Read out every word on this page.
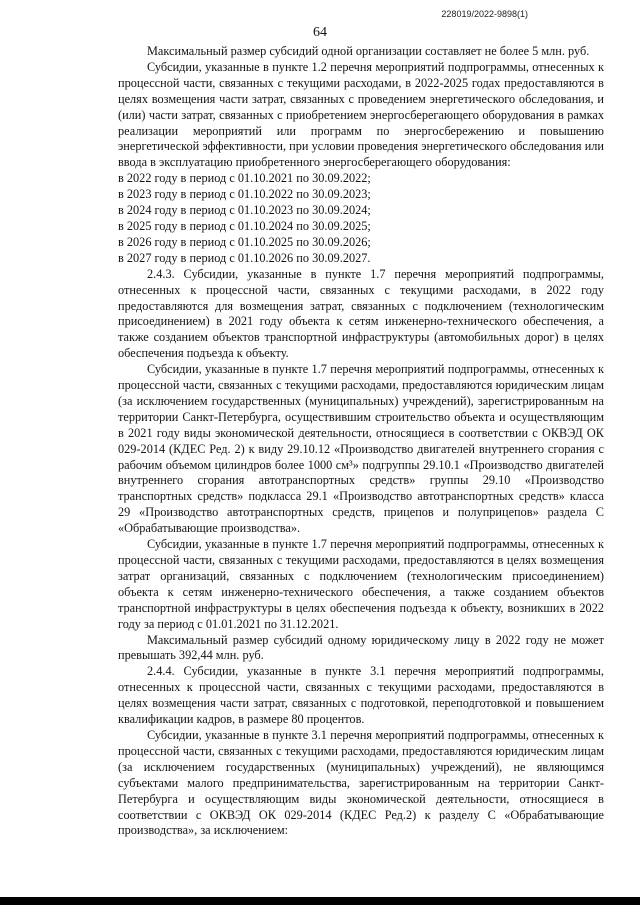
228019/2022-9898(1)
64

Максимальный размер субсидий одной организации составляет не более 5 млн. руб.

Субсидии, указанные в пункте 1.2 перечня мероприятий подпрограммы, отнесенных к процессной части, связанных с текущими расходами, в 2022-2025 годах предоставляются в целях возмещения части затрат, связанных с проведением энергетического обследования, и (или) части затрат, связанных с приобретением энергосберегающего оборудования в рамках реализации мероприятий или программ по энергосбережению и повышению энергетической эффективности, при условии проведения энергетического обследования или ввода в эксплуатацию приобретенного энергосберегающего оборудования:

в 2022 году в период с 01.10.2021 по 30.09.2022;

в 2023 году в период с 01.10.2022 по 30.09.2023;

в 2024 году в период с 01.10.2023 по 30.09.2024;

в 2025 году в период с 01.10.2024 по 30.09.2025;

в 2026 году в период с 01.10.2025 по 30.09.2026;

в 2027 году в период с 01.10.2026 по 30.09.2027.

2.4.3. Субсидии, указанные в пункте 1.7 перечня мероприятий подпрограммы, отнесенных к процессной части, связанных с текущими расходами, в 2022 году предоставляются для возмещения затрат, связанных с подключением (технологическим присоединением) в 2021 году объекта к сетям инженерно-технического обеспечения, а также созданием объектов транспортной инфраструктуры (автомобильных дорог) в целях обеспечения подъезда к объекту.

Субсидии, указанные в пункте 1.7 перечня мероприятий подпрограммы, отнесенных к процессной части, связанных с текущими расходами, предоставляются юридическим лицам (за исключением государственных (муниципальных) учреждений), зарегистрированным на территории Санкт-Петербурга, осуществившим строительство объекта и осуществляющим в 2021 году виды экономической деятельности, относящиеся в соответствии с ОКВЭД ОК 029-2014 (КДЕС Ред. 2) к виду 29.10.12 «Производство двигателей внутреннего сгорания с рабочим объемом цилиндров более 1000 см³» подгруппы 29.10.1 «Производство двигателей внутреннего сгорания автотранспортных средств» группы 29.10 «Производство транспортных средств» подкласса 29.1 «Производство автотранспортных средств» класса 29 «Производство автотранспортных средств, прицепов и полуприцепов» раздела С «Обрабатывающие производства».

Субсидии, указанные в пункте 1.7 перечня мероприятий подпрограммы, отнесенных к процессной части, связанных с текущими расходами, предоставляются в целях возмещения затрат организаций, связанных с подключением (технологическим присоединением) объекта к сетям инженерно-технического обеспечения, а также созданием объектов транспортной инфраструктуры в целях обеспечения подъезда к объекту, возникших в 2022 году за период с 01.01.2021 по 31.12.2021.

Максимальный размер субсидий одному юридическому лицу в 2022 году не может превышать 392,44 млн. руб.

2.4.4. Субсидии, указанные в пункте 3.1 перечня мероприятий подпрограммы, отнесенных к процессной части, связанных с текущими расходами, предоставляются в целях возмещения части затрат, связанных с подготовкой, переподготовкой и повышением квалификации кадров, в размере 80 процентов.

Субсидии, указанные в пункте 3.1 перечня мероприятий подпрограммы, отнесенных к процессной части, связанных с текущими расходами, предоставляются юридическим лицам (за исключением государственных (муниципальных) учреждений), не являющимся субъектами малого предпринимательства, зарегистрированным на территории Санкт-Петербурга и осуществляющим виды экономической деятельности, относящиеся в соответствии с ОКВЭД ОК 029-2014 (КДЕС Ред.2) к разделу С «Обрабатывающие производства», за исключением:
